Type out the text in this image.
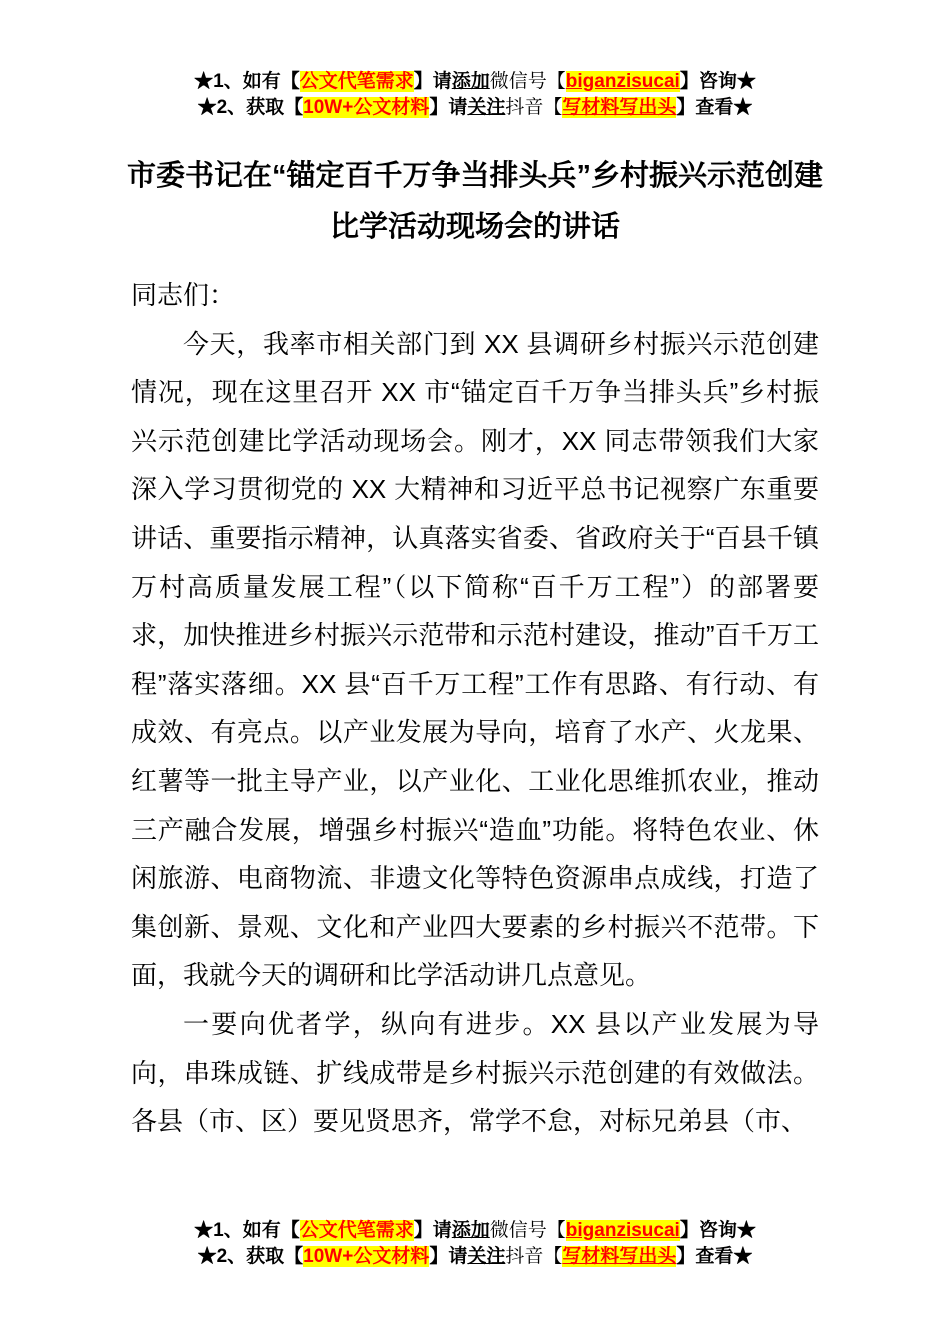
★1、如有【公文代笔需求】请添加微信号【biganzisucai】咨询★
★2、获取【10W+公文材料】请关注抖音【写材料写出头】查看★
市委书记在“锚定百千万争当排头兵”乡村振兴示范创建
比学活动现场会的讲话

同志们：

今天，我率市相关部门到 XX 县调研乡村振兴示范创建情况，现在这里召开 XX 市“锚定百千万争当排头兵”乡村振兴示范创建比学活动现场会。刚才，XX 同志带领我们大家深入学习贯彻党的 XX 大精神和习近平总书记视察广东重要讲话、重要指示精神，认真落实省委、省政府关于“百县千镇万村高质量发展工程”（以下简称“百千万工程”）的部署要求，加快推进乡村振兴示范带和示范村建设，推动”百千万工程”落实落细。XX 县“百千万工程”工作有思路、有行动、有成效、有亮点。以产业发展为导向，培育了水产、火龙果、红薯等一批主导产业，以产业化、工业化思维抓农业，推动三产融合发展，增强乡村振兴“造血”功能。将特色农业、休闲旅游、电商物流、非遗文化等特色资源串点成线，打造了集创新、景观、文化和产业四大要素的乡村振兴不范带。下面，我就今天的调研和比学活动讲几点意见。

一要向优者学，纵向有进步。XX 县以产业发展为导向，串珠成链、扩线成带是乡村振兴示范创建的有效做法。各县（市、区）要见贤思齐，常学不怠，对标兄弟县（市、

★1、如有【公文代笔需求】请添加微信号【biganzisucai】咨询★
★2、获取【10W+公文材料】请关注抖音【写材料写出头】查看★
